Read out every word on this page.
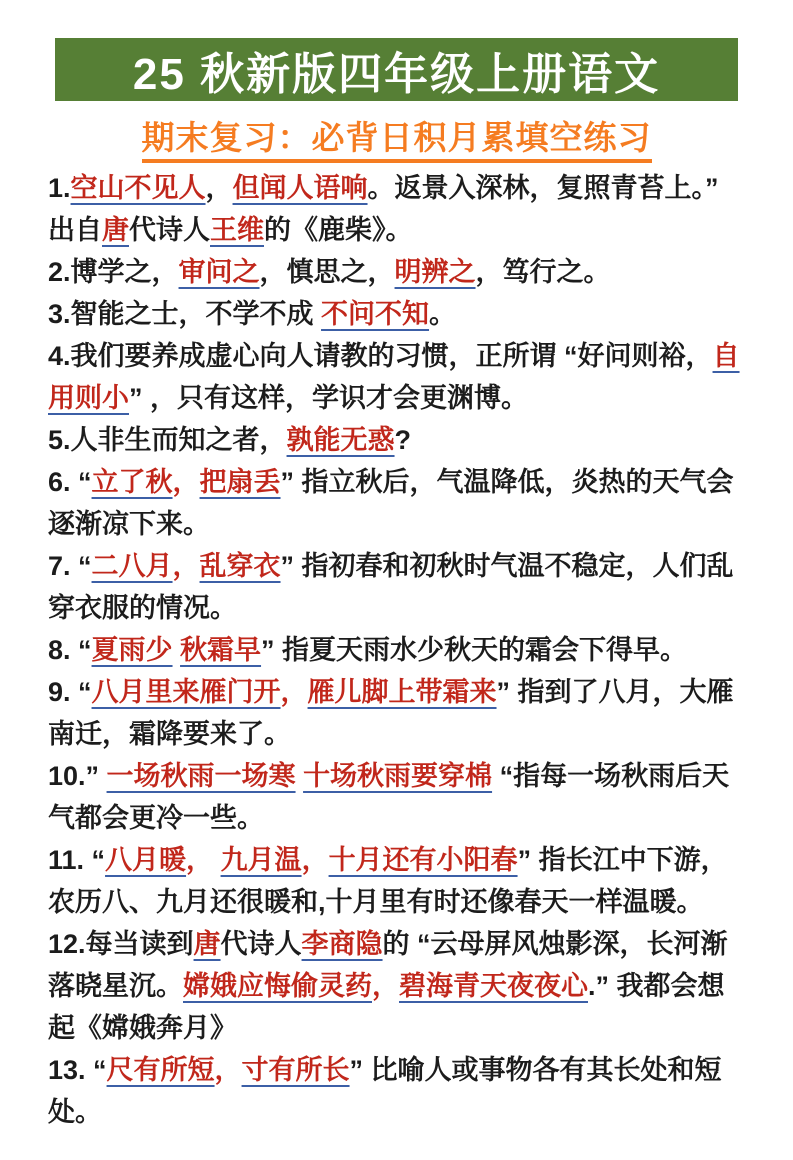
25 秋新版四年级上册语文
期末复习：必背日积月累填空练习

1.空山不见人，但闻人语响。返景入深林，复照青苔上。” 出自唐代诗人王维的《鹿柴》。

2.博学之，审问之，慎思之，明辨之，笃行之。

3.智能之士，不学不成 不问不知。

4.我们要养成虚心向人请教的习惯，正所谓 “好问则裕，自用则小” ，只有这样，学识才会更渊博。

5.人非生而知之者，孰能无惑?

6. “立了秋，把扇丢” 指立秋后，气温降低，炎热的天气会逐渐凉下来。

7. “二八月，乱穿衣” 指初春和初秋时气温不稳定，人们乱穿衣服的情况。

8. “夏雨少 秋霜早” 指夏天雨水少秋天的霜会下得早。

9. “八月里来雁门开，雁儿脚上带霜来” 指到了八月，大雁南迁，霜降要来了。

10.” 一场秋雨一场寒 十场秋雨要穿棉 “指每一场秋雨后天气都会更冷一些。

11. “八月暖， 九月温，十月还有小阳春” 指长江中下游，农历八、九月还很暖和,十月里有时还像春天一样温暖。

12.每当读到唐代诗人李商隐的 “云母屏风烛影深，长河渐落晓星沉。嫦娥应悔偷灵药，碧海青天夜夜心.” 我都会想起《嫦娥奔月》

13. “尺有所短，寸有所长” 比喻人或事物各有其长处和短处。
